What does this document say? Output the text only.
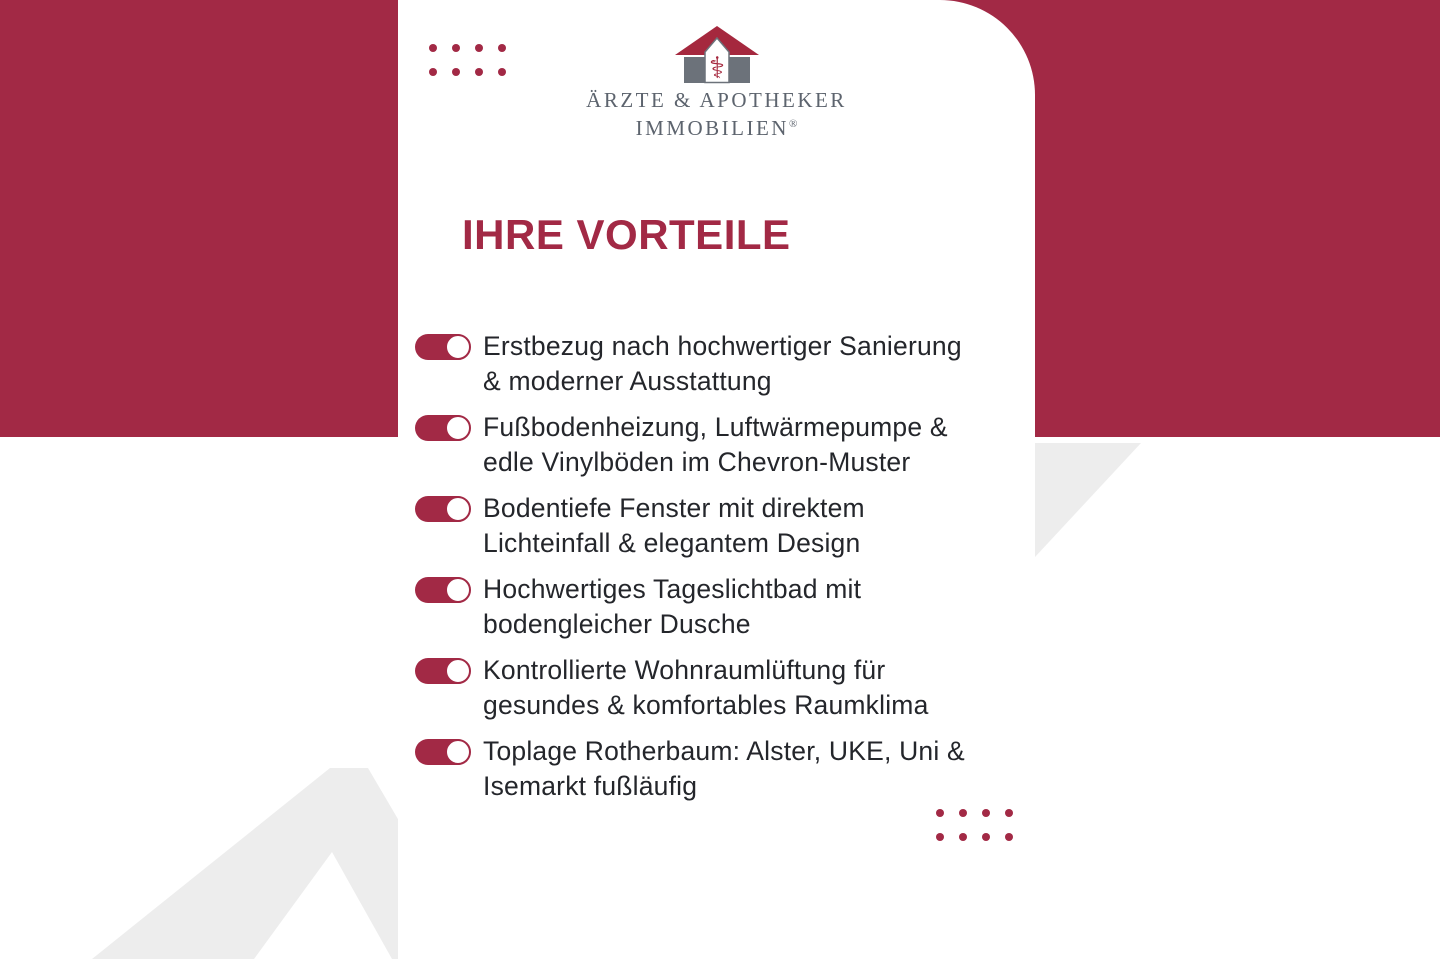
⚕
ÄRZTE & APOTHEKER
IMMOBILIEN®
IHRE VORTEILE
Erstbezug nach hochwertiger Sanierung
& moderner Ausstattung
Fußbodenheizung, Luftwärmepumpe &
edle Vinylböden im Chevron-Muster
Bodentiefe Fenster mit direktem
Lichteinfall & elegantem Design
Hochwertiges Tageslichtbad mit
bodengleicher Dusche
Kontrollierte Wohnraumlüftung für
gesundes & komfortables Raumklima
Toplage Rotherbaum: Alster, UKE, Uni &
Isemarkt fußläufig
